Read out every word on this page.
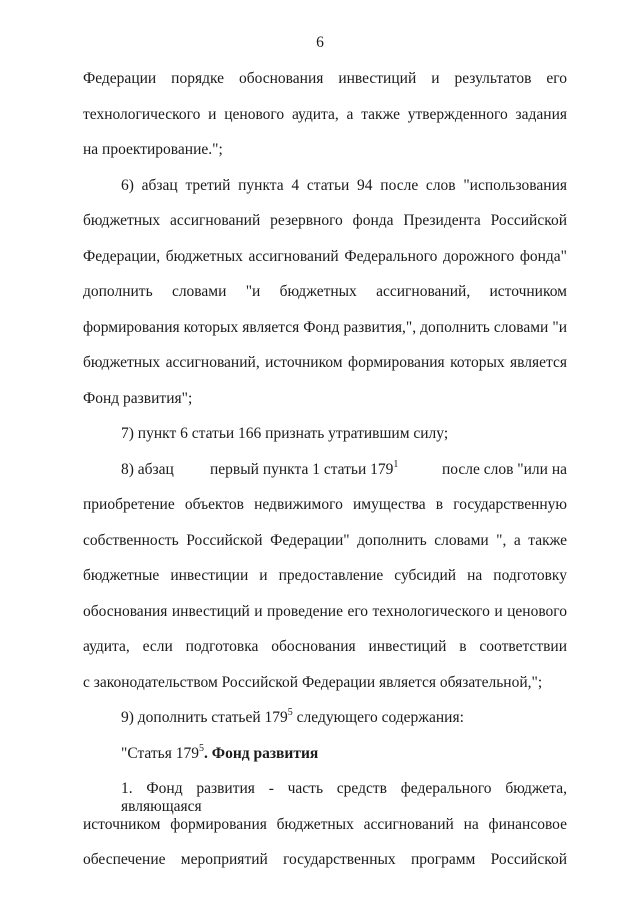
6
Федерации порядке обоснования инвестиций и результатов его
технологического и ценового аудита, а также утвержденного задания
на проектирование.";
6) абзац третий пункта 4 статьи 94 после слов "использования
бюджетных ассигнований резервного фонда Президента Российской
Федерации, бюджетных ассигнований Федерального дорожного фонда"
дополнить словами "и бюджетных ассигнований, источником
формирования которых является Фонд развития,", дополнить словами "и
бюджетных ассигнований, источником формирования которых является
Фонд развития";
7) пункт 6 статьи 166 признать утратившим силу;
8) абзац первый пункта 1 статьи $179^1$	после слов "или на
приобретение объектов недвижимого имущества в государственную
собственность Российской Федерации" дополнить словами ", а также
бюджетные инвестиции и предоставление субсидий на подготовку
обоснования инвестиций и проведение его технологического и ценового
аудита, если подготовка обоснования инвестиций в соответствии
с законодательством Российской Федерации является обязательной,";
9) дополнить статьей $179^5$ следующего содержания:
"Статья $179^5$. Фонд развития
1. Фонд развития - часть средств федерального бюджета, являющаяся
источником формирования бюджетных ассигнований на финансовое
обеспечение мероприятий государственных программ Российской
